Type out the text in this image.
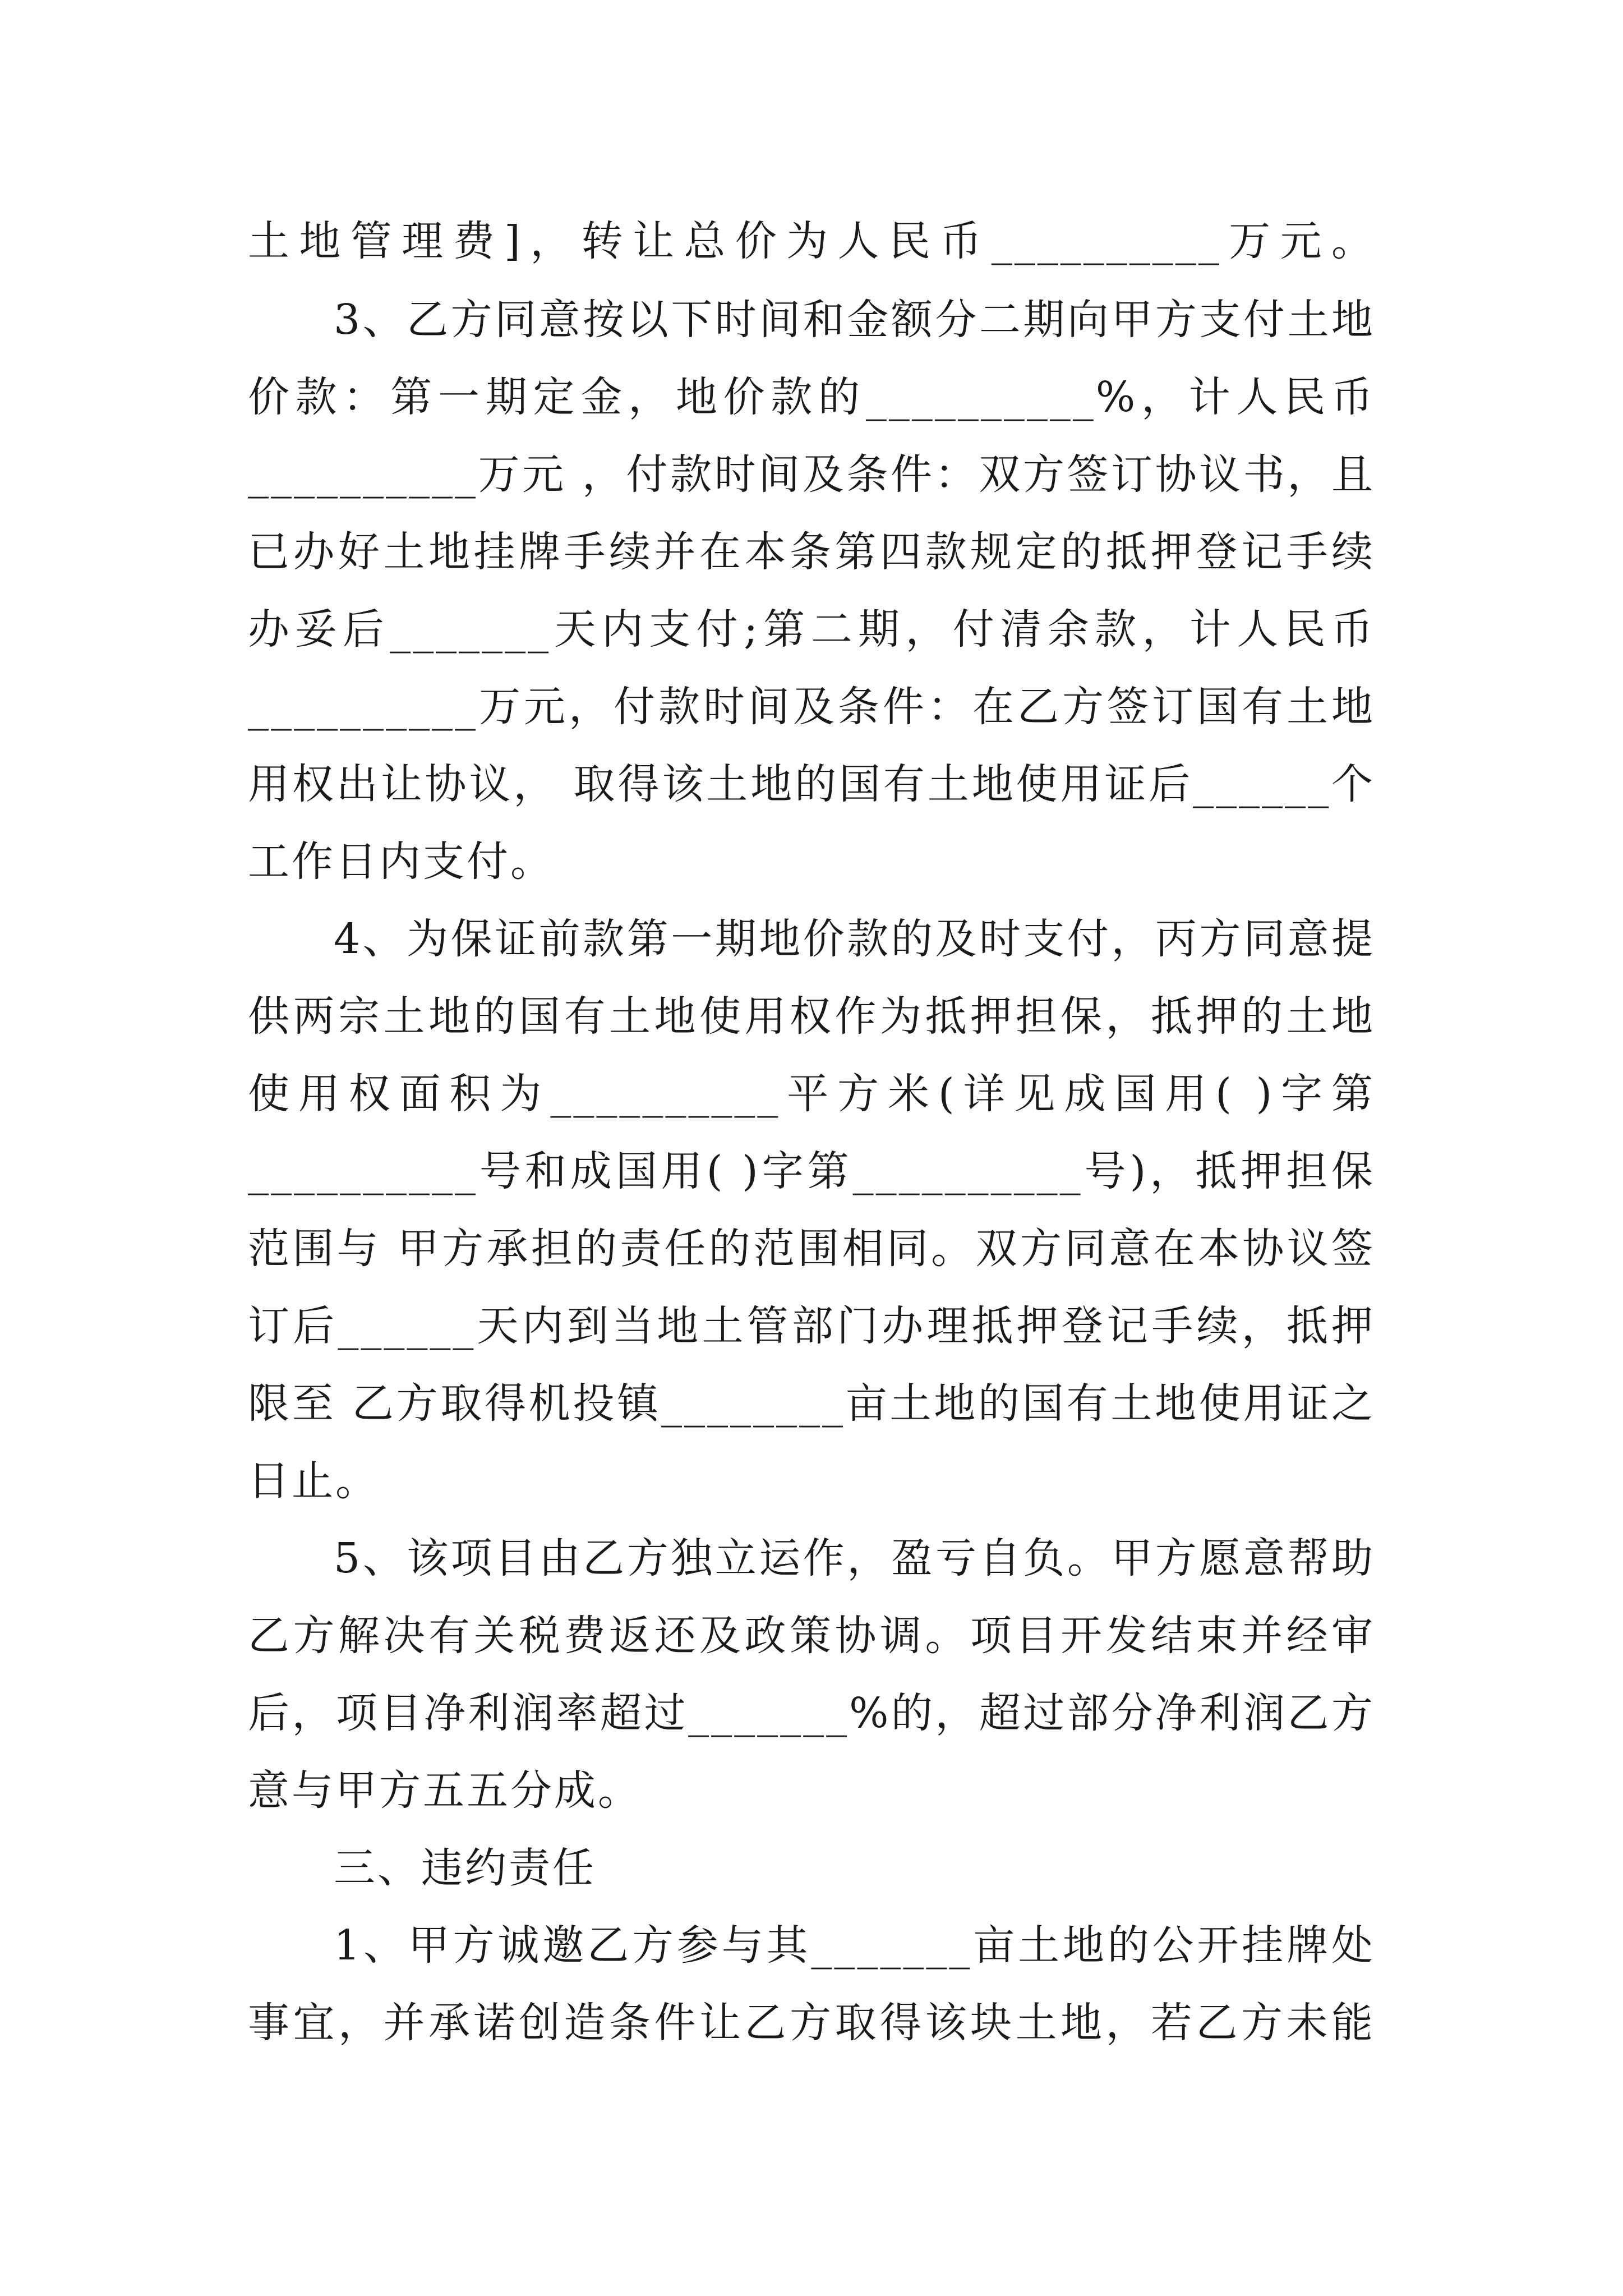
土地管理费]，转让总价为人民币__________万元。
3、乙方同意按以下时间和金额分二期向甲方支付土地
价款：第一期定金，地价款的__________%，计人民币
__________万元 ，付款时间及条件：双方签订协议书，且
已办好土地挂牌手续并在本条第四款规定的抵押登记手续
办妥后_______天内支付;第二期，付清余款，计人民币
__________万元，付款时间及条件：在乙方签订国有土地
用权出让协议， 取得该土地的国有土地使用证后______个
工作日内支付。
4、为保证前款第一期地价款的及时支付，丙方同意提
供两宗土地的国有土地使用权作为抵押担保，抵押的土地
使用权面积为__________平方米(详见成国用( )字第
__________号和成国用( )字第__________号)，抵押担保
范围与 甲方承担的责任的范围相同。双方同意在本协议签
订后______天内到当地土管部门办理抵押登记手续，抵押
限至 乙方取得机投镇________亩土地的国有土地使用证之
日止。
5、该项目由乙方独立运作，盈亏自负。甲方愿意帮助
乙方解决有关税费返还及政策协调。项目开发结束并经审
后，项目净利润率超过_______%的，超过部分净利润乙方
意与甲方五五分成。
三、违约责任
1、甲方诚邀乙方参与其_______亩土地的公开挂牌处
事宜，并承诺创造条件让乙方取得该块土地，若乙方未能
